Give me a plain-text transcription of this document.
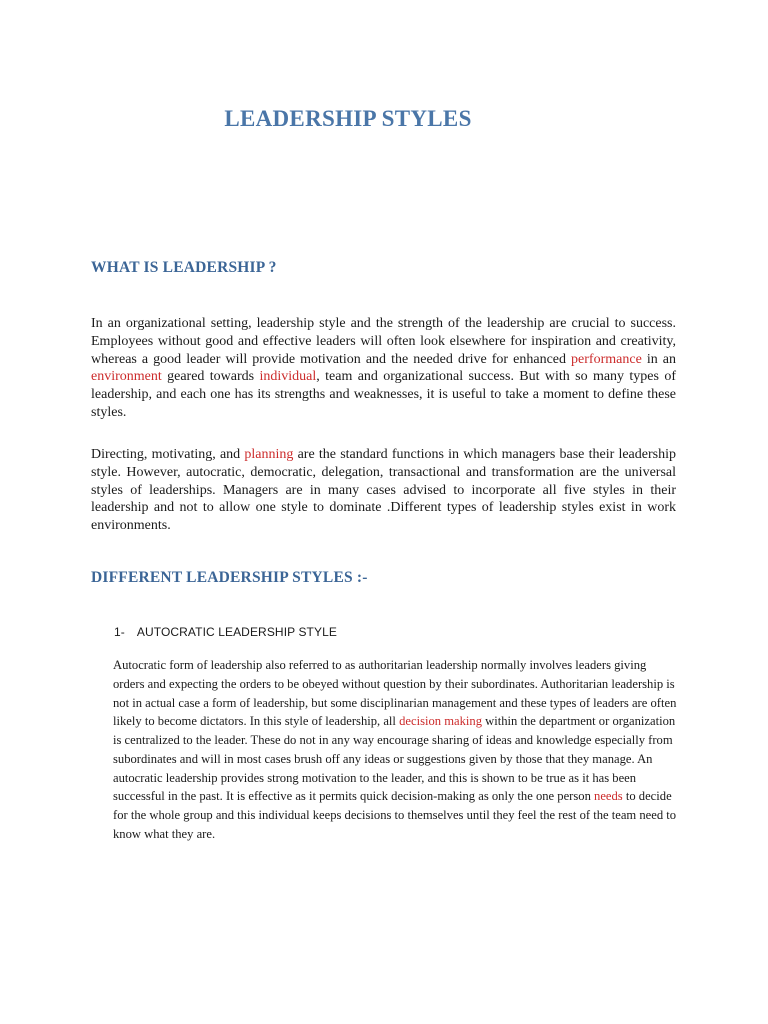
LEADERSHIP STYLES
WHAT IS LEADERSHIP ?

In an organizational setting, leadership style and the strength of the leadership are crucial to success. Employees without good and effective leaders will often look elsewhere for inspiration and creativity, whereas a good leader will provide motivation and the needed drive for enhanced performance in an environment geared towards individual, team and organizational success. But with so many types of leadership, and each one has its strengths and weaknesses, it is useful to take a moment to define these styles.

Directing, motivating, and planning are the standard functions in which managers base their leadership style. However, autocratic, democratic, delegation, transactional and transformation are the universal styles of leaderships. Managers are in many cases advised to incorporate all five styles in their leadership and not to allow one style to dominate .Different types of leadership styles exist in work environments.

DIFFERENT LEADERSHIP STYLES :-
1- AUTOCRATIC LEADERSHIP STYLE

Autocratic form of leadership also referred to as authoritarian leadership normally involves leaders giving orders and expecting the orders to be obeyed without question by their subordinates. Authoritarian leadership is not in actual case a form of leadership, but some disciplinarian management and these types of leaders are often likely to become dictators. In this style of leadership, all decision making within the department or organization is centralized to the leader. These do not in any way encourage sharing of ideas and knowledge especially from subordinates and will in most cases brush off any ideas or suggestions given by those that they manage. An autocratic leadership provides strong motivation to the leader, and this is shown to be true as it has been successful in the past. It is effective as it permits quick decision-making as only the one person needs to decide for the whole group and this individual keeps decisions to themselves until they feel the rest of the team need to know what they are.
